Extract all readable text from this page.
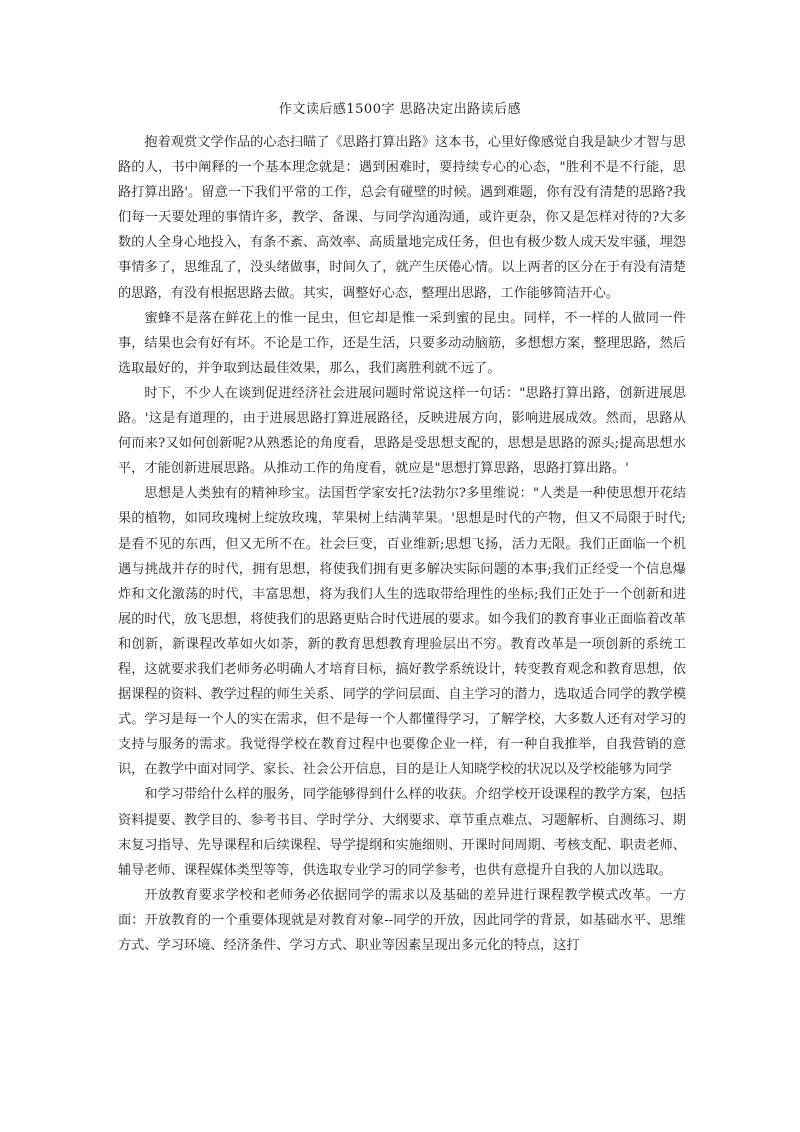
作文读后感1500字 思路决定出路读后感

抱着观赏文学作品的心态扫瞄了《思路打算出路》这本书，心里好像感觉自我是缺少才智与思路的人，书中阐释的一个基本理念就是：遇到困难时，要持续专心的心态，"胜利不是不行能，思路打算出路'。留意一下我们平常的工作，总会有碰壁的时候。遇到难题，你有没有清楚的思路?我们每一天要处理的事情许多，教学、备课、与同学沟通沟通，或许更杂，你又是怎样对待的?大多数的人全身心地投入，有条不紊、高效率、高质量地完成任务，但也有极少数人成天发牢骚，埋怨事情多了，思维乱了，没头绪做事，时间久了，就产生厌倦心情。以上两者的区分在于有没有清楚的思路，有没有根据思路去做。其实，调整好心态，整理出思路，工作能够简洁开心。

蜜蜂不是落在鲜花上的惟一昆虫，但它却是惟一采到蜜的昆虫。同样，不一样的人做同一件事，结果也会有好有坏。不论是工作，还是生活，只要多动动脑筋，多想想方案，整理思路，然后选取最好的，并争取到达最佳效果，那么，我们离胜利就不远了。

时下，不少人在谈到促进经济社会进展问题时常说这样一句话："思路打算出路，创新进展思路。'这是有道理的，由于进展思路打算进展路径，反映进展方向，影响进展成效。然而，思路从何而来?又如何创新呢?从熟悉论的角度看，思路是受思想支配的，思想是思路的源头;提高思想水平，才能创新进展思路。从推动工作的角度看，就应是"思想打算思路，思路打算出路。'

思想是人类独有的精神珍宝。法国哲学家安托?法勃尔?多里维说："人类是一种使思想开花结果的植物，如同玫瑰树上绽放玫瑰，苹果树上结满苹果。'思想是时代的产物，但又不局限于时代;是看不见的东西，但又无所不在。社会巨变，百业维新;思想飞扬，活力无限。我们正面临一个机遇与挑战并存的时代，拥有思想，将使我们拥有更多解决实际问题的本事;我们正经受一个信息爆炸和文化激荡的时代，丰富思想，将为我们人生的选取带给理性的坐标;我们正处于一个创新和进展的时代，放飞思想，将使我们的思路更贴合时代进展的要求。如今我们的教育事业正面临着改革和创新，新课程改革如火如荼，新的教育思想教育理验层出不穷。教育改革是一项创新的系统工程，这就要求我们老师务必明确人才培育目标，搞好教学系统设计，转变教育观念和教育思想，依据课程的资料、教学过程的师生关系、同学的学问层面、自主学习的潜力，选取适合同学的教学模式。学习是每一个人的实在需求，但不是每一个人都懂得学习，了解学校，大多数人还有对学习的支持与服务的需求。我觉得学校在教育过程中也要像企业一样，有一种自我推举，自我营销的意识，在教学中面对同学、家长、社会公开信息，目的是让人知晓学校的状况以及学校能够为同学

和学习带给什么样的服务，同学能够得到什么样的收获。介绍学校开设课程的教学方案，包括资料提要、教学目的、参考书目、学时学分、大纲要求、章节重点难点、习题解析、自测练习、期末复习指导、先导课程和后续课程、导学提纲和实施细则、开课时间周期、考核支配、职责老师、辅导老师、课程媒体类型等等，供选取专业学习的同学参考，也供有意提升自我的人加以选取。

开放教育要求学校和老师务必依据同学的需求以及基础的差异进行课程教学模式改革。一方面：开放教育的一个重要体现就是对教育对象--同学的开放，因此同学的背景，如基础水平、思维方式、学习环境、经济条件、学习方式、职业等因素呈现出多元化的特点，这打
